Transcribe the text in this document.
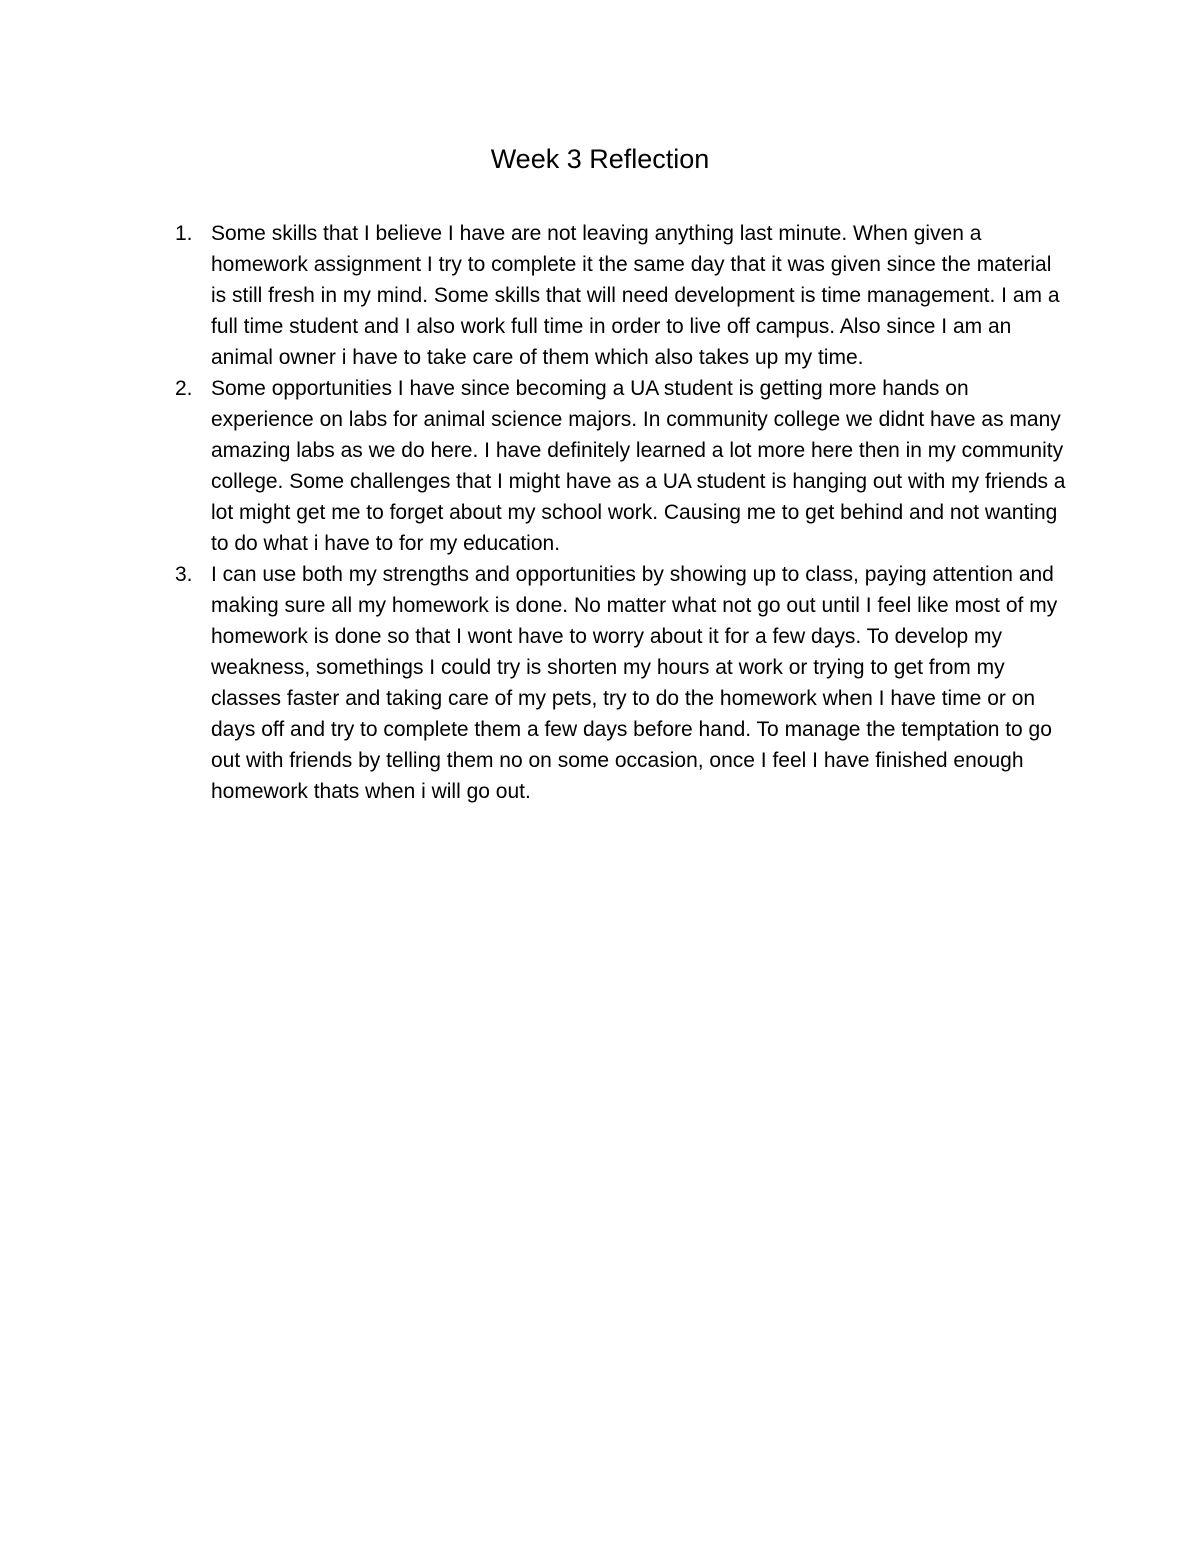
Week 3 Reflection
1. Some skills that I believe I have are not leaving anything last minute. When given a homework assignment I try to complete it the same day that it was given since the material is still fresh in my mind. Some skills that will need development is time management. I am a full time student and I also work full time in order to live off campus. Also since I am an animal owner i have to take care of them which also takes up my time.
2. Some opportunities I have since becoming a UA student is getting more hands on experience on labs for animal science majors. In community college we didnt have as many amazing labs as we do here. I have definitely learned a lot more here then in my community college. Some challenges that I might have as a UA student is hanging out with my friends a lot might get me to forget about my school work. Causing me to get behind and not wanting to do what i have to for my education.
3. I can use both my strengths and opportunities by showing up to class, paying attention and making sure all my homework is done. No matter what not go out until I feel like most of my homework is done so that I wont have to worry about it for a few days. To develop my weakness, somethings I could try is shorten my hours at work or trying to get from my classes faster and taking care of my pets, try to do the homework when I have time or on days off and try to complete them a few days before hand. To manage the temptation to go out with friends by telling them no on some occasion, once I feel I have finished enough homework thats when i will go out.
